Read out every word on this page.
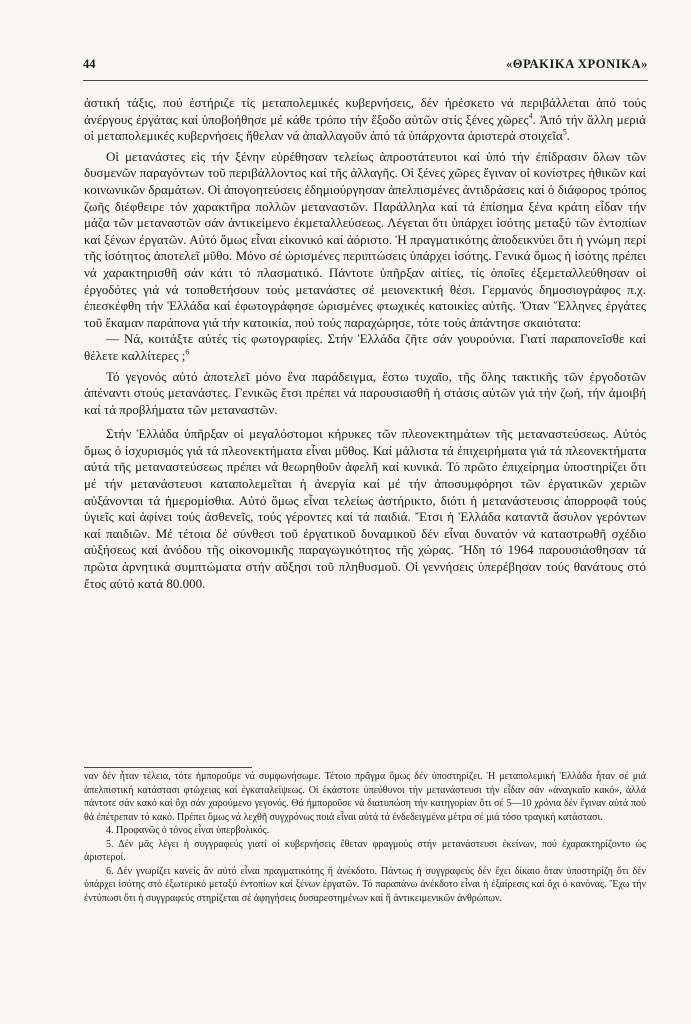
44	«ΘΡΑΚΙΚΑ ΧΡΟΝΙΚΑ»

ἀστική τάξις, πού ἐστήριζε τίς μεταπολεμικές κυβερνήσεις, δέν ἠρέσκετο νά περιβάλλεται ἀπό τούς ἀνέργους ἐργάτας καί ὑποβοήθησε μέ κάθε τρόπο τήν ἔξοδο αὐτῶν στίς ξένες χῶρες$^4$. Ἀπό τήν ἄλλη μεριά οἱ μεταπολεμικές κυβερνήσεις ἤθελαν νά ἀπαλλαγοῦν ἀπό τά ὑπάρχοντα ἀριστερά στοιχεῖα$^5$.

Οἱ μετανάστες εἰς τήν ξένην εὑρέθησαν τελείως ἀπροστάτευτοι καί ὑπό τήν ἐπίδρασιν ὅλων τῶν δυσμενῶν παραγόντων τοῦ περιβάλλοντος καί τῆς ἀλλαγῆς. Οἱ ξένες χῶρες ἔγιναν οἱ κονίστρες ἠθικῶν καί κοινωνικῶν δραμάτων. Οἱ ἀπογοητεύσεις ἐδημιούργησαν ἀπελπισμένες ἀντιδράσεις καί ὁ διάφορος τρόπος ζωῆς διέφθειρε τόν χαρακτῆρα πολλῶν μεταναστῶν. Παράλληλα καί τά ἐπίσημα ξένα κράτη εἶδαν τήν μάζα τῶν μεταναστῶν σάν ἀντικείμενο ἐκμεταλλεύσεως. Λέγεται ὅτι ὑπάρχει ἰσότης μεταξύ τῶν ἐντοπίων καί ξένων ἐργατῶν. Αὐτό ὅμως εἶναι εἰκονικό καί ἀόριστο. Ἡ πραγματικότης ἀποδεικνύει ὅτι ἡ γνώμη περί τῆς ἰσότητος ἀποτελεῖ μῦθο. Μόνο σέ ὡρισμένες περιπτώσεις ὑπάρχει ἰσότης. Γενικά ὅμως ἡ ἰσότης πρέπει νά χαρακτηρισθῆ σάν κάτι τό πλασματικό. Πάντοτε ὑπῆρξαν αἰτίες, τίς ὁποῖες ἐξεμεταλλεύθησαν οἱ ἐργοδότες γιά νά τοποθετήσουν τούς μετανάστες σέ μειονεκτική θέσι. Γερμανός δημοσιογράφος π.χ. ἐπεσκέφθη τήν Ἑλλάδα καί ἐφωτογράφησε ὡρισμένες φτωχικές κατοικίες αὐτῆς. Ὅταν Ἕλληνες ἐργάτες τοῦ ἔκαμαν παράπονα γιά τήν κατοικία, πού τούς παραχώρησε, τότε τούς ἀπάντησε σκαιότατα:

— Νά, κοιτάξτε αὐτές τίς φωτογραφίες. Στήν Ἑλλάδα ζῆτε σάν γουρούνια. Γιατί παραπονεῖσθε καί θέλετε καλλίτερες ;$^6$

Τό γεγονός αὐτό ἀποτελεῖ μόνο ἕνα παράδειγμα, ἔστω τυχαῖο, τῆς ὅλης τακτικῆς τῶν ἐργοδοτῶν ἀπέναντι στούς μετανάστες. Γενικῶς ἔτσι πρέπει νά παρουσιασθῆ ἡ στάσις αὐτῶν γιά τήν ζωή, τήν ἀμοιβή καί τά προβλήματα τῶν μεταναστῶν.

Στήν Ἑλλάδα ὑπῆρξαν οἱ μεγαλόστομοι κήρυκες τῶν πλεονεκτημάτων τῆς μεταναστεύσεως. Αὐτός ὅμως ὁ ἰσχυρισμός γιά τά πλεονεκτήματα εἶναι μῦθος. Καί μάλιστα τά ἐπιχειρήματα γιά τά πλεονεκτήματα αὐτά τῆς μεταναστεύσεως πρέπει νά θεωρηθοῦν ἀφελῆ καί κυνικά. Τό πρῶτο ἐπιχείρημα ὑποστηρίζει ὅτι μέ τήν μετανάστευσι καταπολεμεῖται ἡ ἀνεργία καί μέ τήν ἀποσυμφόρησι τῶν ἐργατικῶν χεριῶν αὐξάνονται τά ἡμερομίσθια. Αὐτό ὅμως εἶναι τελείως ἀστήρικτο, διότι ἡ μετανάστευσις ἀπορροφᾶ τούς ὑγιεῖς καί ἀφίνει τούς ἀσθενεῖς, τούς γέροντες καί τά παιδιά. Ἔτσι ἡ Ἑλλάδα καταντᾶ ἄσυλον γερόντων καί παιδιῶν. Μέ τέτοια δέ σύνθεσι τοῦ ἐργατικοῦ δυναμικοῦ δέν εἶναι δυνατόν νά καταστρωθῆ σχέδιο αὐξήσεως καί ἀνόδου τῆς οἰκονομικῆς παραγωγικότητος τῆς χώρας. Ἤδη τό 1964 παρουσιάσθησαν τά πρῶτα ἀρνητικά συμπτώματα στήν αὔξησι τοῦ πληθυσμοῦ. Οἱ γεννήσεις ὑπερέβησαν τούς θανάτους στό ἔτος αὐτό κατά 80.000.

ναν δέν ἦταν τέλεια, τότε ἡμποροῦμε νά συμφωνήσωμε. Τέτοιο πρᾶγμα ὅμως δέν ὑποστηρίζει. Ἡ μεταπολεμική Ἑλλάδα ἦταν σέ μιά ἀπελπιστική κατάστασι φτώχειας καί ἐγκαταλείψεως. Οἱ ἑκάστοτε ὑπεύθυνοι τήν μετανάστευσι τήν εἶδαν σάν «ἀναγκαῖο κακό», ἀλλά πάντοτε σάν κακό καί ὄχι σάν χαρούμενο γεγονός. Θά ἡμποροῦσε νά διατυπώση τήν κατηγορίαν ὅτι σέ 5—10 χρόνια δέν ἔγιναν αὐτά πού θά ἐπέτρεπαν τό κακό. Πρέπει ὅμως νά λεχθῆ συγχρόνως ποιά εἶναι αὐτά τά ἐνδεδειγμένα μέτρα σέ μιά τόσο τραγική κατάστασι.

4. Προφανῶς ὁ τόνος εἶναι ὑπερβολικός.

5. Δέν μᾶς λέγει ἡ συγγραφεύς γιατί οἱ κυβερνήσεις ἔθεταν φραγμούς στήν μετανάστευσι ἐκείνων, πού ἐχαρακτηρίζοντο ὡς ἀριστεροί.

6. Δέν γνωρίζει κανείς ἄν αὐτό εἶναι πραγματικότης ἤ ἀνέκδοτο. Πάντως ἡ συγγραφεύς δέν ἔχει δίκαιο ὅταν ὑποστηρίζη ὅτι δέν ὑπάρχει ἰσότης στό ἐξωτερικό μεταξύ ἐντοπίων καί ξένων ἐργατῶν. Τό παραπάνω ἀνέκδοτο εἶναι ἡ ἐξαίρεσις καί ὄχι ὁ κανόνας. Ἔχω τήν ἐντύπωσι ὅτι ἡ συγγραφεύς στηρίζεται σέ ἀφηγήσεις δυσαρεστημένων καί ἤ ἀντικειμενικῶν ἀνθρώπων.
